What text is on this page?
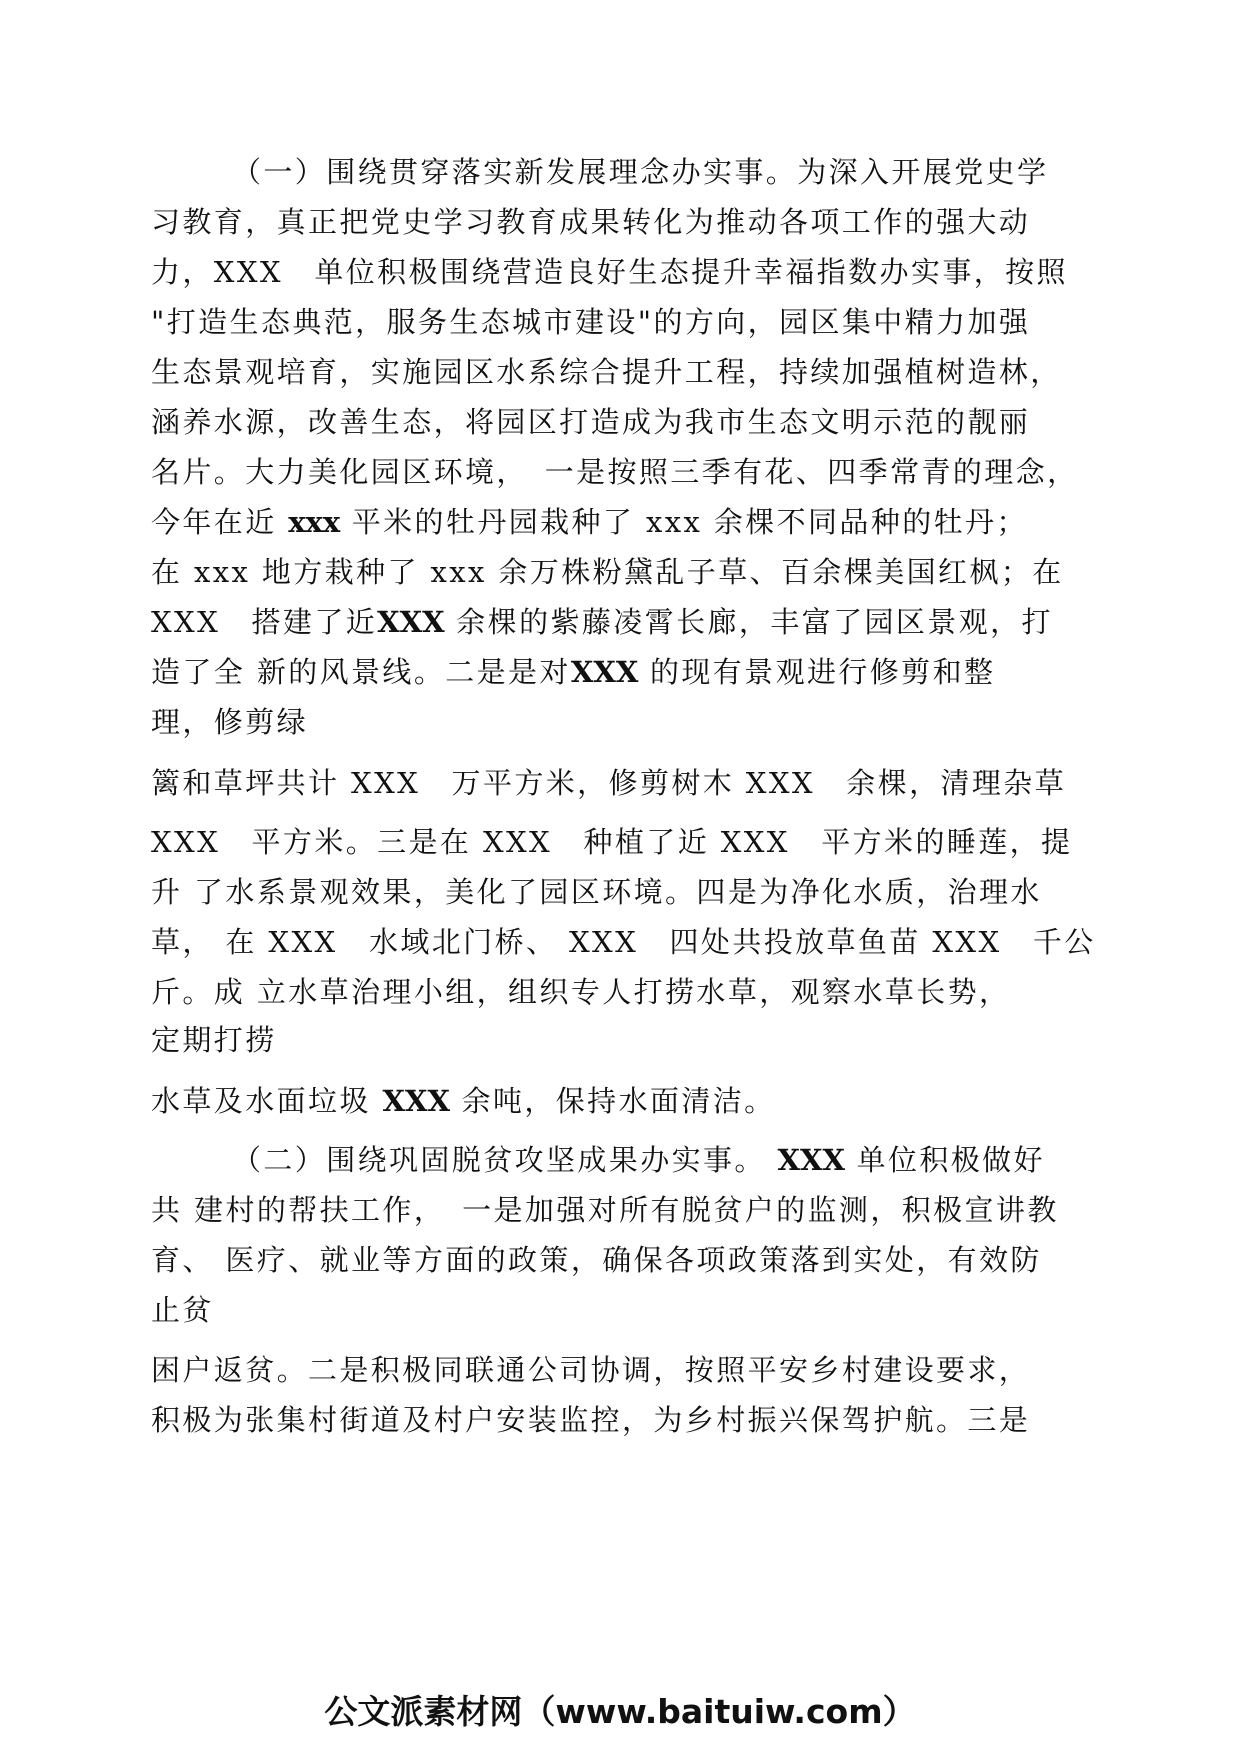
（一）围绕贯穿落实新发展理念办实事。为深入开展党史学
习教育，真正把党史学习教育成果转化为推动各项工作的强大动
力，XXX　单位积极围绕营造良好生态提升幸福指数办实事，按照
"打造生态典范，服务生态城市建设"的方向，园区集中精力加强
生态景观培育，实施园区水系综合提升工程，持续加强植树造林，
涵养水源，改善生态，将园区打造成为我市生态文明示范的靓丽
名片。大力美化园区环境，　一是按照三季有花、四季常青的理念，
今年在近 xxx 平米的牡丹园栽种了 xxx 余棵不同品种的牡丹；
在 xxx 地方栽种了 xxx 余万株粉黛乱子草、百余棵美国红枫；在
XXX　搭建了近XXX 余棵的紫藤凌霄长廊，丰富了园区景观，打
造了全 新的风景线。二是是对XXX 的现有景观进行修剪和整
理，修剪绿
篱和草坪共计 XXX　万平方米，修剪树木 XXX　余棵，清理杂草
XXX　平方米。三是在 XXX　种植了近 XXX　平方米的睡莲，提
升 了水系景观效果，美化了园区环境。四是为净化水质，治理水
草， 在 XXX　水域北门桥、 XXX　四处共投放草鱼苗 XXX　千公
斤。成 立水草治理小组，组织专人打捞水草，观察水草长势，
定期打捞
水草及水面垃圾 XXX 余吨，保持水面清洁。
（二）围绕巩固脱贫攻坚成果办实事。 XXX 单位积极做好
共 建村的帮扶工作，　一是加强对所有脱贫户的监测，积极宣讲教
育、 医疗、就业等方面的政策，确保各项政策落到实处，有效防
止贫
困户返贫。二是积极同联通公司协调，按照平安乡村建设要求，
积极为张集村街道及村户安装监控，为乡村振兴保驾护航。三是
公文派素材网（www.baituiw.com）
